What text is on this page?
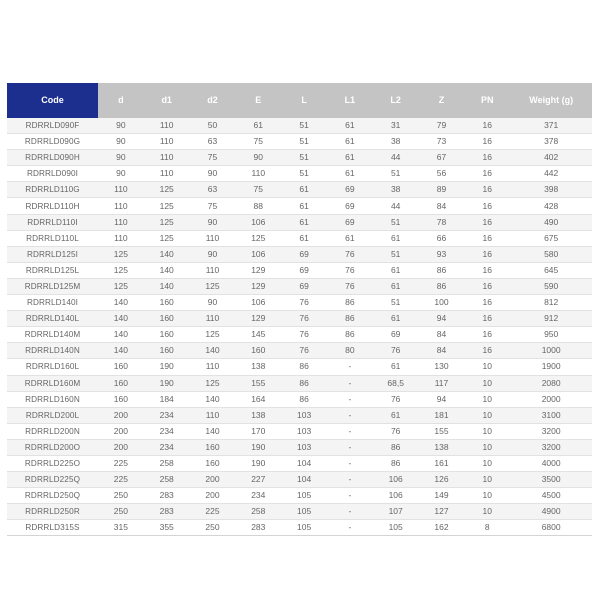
Code	d	d1	d2	E	L	L1	L2	Z	PN	Weight (g)
RDRRLD090F	90	110	50	61	51	61	31	79	16	371
RDRRLD090G	90	110	63	75	51	61	38	73	16	378
RDRRLD090H	90	110	75	90	51	61	44	67	16	402
RDRRLD090I	90	110	90	110	51	61	51	56	16	442
RDRRLD110G	110	125	63	75	61	69	38	89	16	398
RDRRLD110H	110	125	75	88	61	69	44	84	16	428
RDRRLD110I	110	125	90	106	61	69	51	78	16	490
RDRRLD110L	110	125	110	125	61	61	61	66	16	675
RDRRLD125I	125	140	90	106	69	76	51	93	16	580
RDRRLD125L	125	140	110	129	69	76	61	86	16	645
RDRRLD125M	125	140	125	129	69	76	61	86	16	590
RDRRLD140I	140	160	90	106	76	86	51	100	16	812
RDRRLD140L	140	160	110	129	76	86	61	94	16	912
RDRRLD140M	140	160	125	145	76	86	69	84	16	950
RDRRLD140N	140	160	140	160	76	80	76	84	16	1000
RDRRLD160L	160	190	110	138	86	-	61	130	10	1900
RDRRLD160M	160	190	125	155	86	-	68,5	117	10	2080
RDRRLD160N	160	184	140	164	86	-	76	94	10	2000
RDRRLD200L	200	234	110	138	103	-	61	181	10	3100
RDRRLD200N	200	234	140	170	103	-	76	155	10	3200
RDRRLD200O	200	234	160	190	103	-	86	138	10	3200
RDRRLD225O	225	258	160	190	104	-	86	161	10	4000
RDRRLD225Q	225	258	200	227	104	-	106	126	10	3500
RDRRLD250Q	250	283	200	234	105	-	106	149	10	4500
RDRRLD250R	250	283	225	258	105	-	107	127	10	4900
RDRRLD315S	315	355	250	283	105	-	105	162	8	6800
